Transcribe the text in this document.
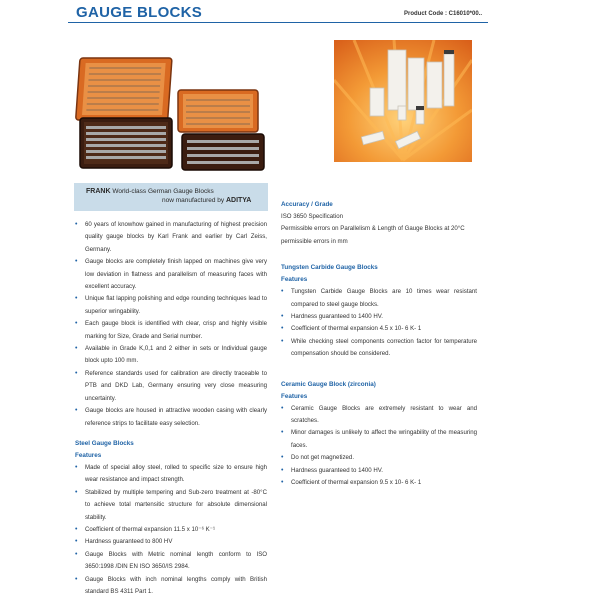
GAUGE BLOCKS	Product Code : C16010*00..
FRANK World-class German Gauge Blocks
now manufactured by ADITYA
• 60 years of knowhow gained in manufacturing of highest precision quality gauge blocks by Karl Frank and earlier by Carl Zeiss, Germany.
• Gauge blocks are completely finish lapped on machines give very low deviation in flatness and parallelism of measuring faces with excellent accuracy.
• Unique flat lapping polishing and edge rounding techniques lead to superior wringability.
• Each gauge block is identified with clear, crisp and highly visible marking for Size, Grade and Serial number.
• Available in Grade K,0,1 and 2 either in sets or Individual gauge block upto 100 mm.
• Reference standards used for calibration are directly traceable to PTB and DKD Lab, Germany ensuring very close measuring uncertainty.
• Gauge blocks are housed in attractive wooden casing with clearly reference strips to facilitate easy selection.
Steel Gauge Blocks
Features
• Made of special alloy steel, rolled to specific size to ensure high wear resistance and impact strength.
• Stabilized by multiple tempering and Sub-zero treatment at -80°C to achieve total martensitic structure for absolute dimensional stability.
• Coefficient of thermal expansion 11.5 x 10⁻⁶ K⁻¹
• Hardness guaranteed to 800 HV
• Gauge Blocks with Metric nominal length conform to ISO 3650:1998 /DIN EN ISO 3650/IS 2984.
• Gauge Blocks with inch nominal lengths comply with British standard BS 4311 Part 1.
Accuracy / Grade
ISO 3650 Specification
Permissible errors on Parallelism & Length of Gauge Blocks at 20°C permissible errors in mm
Tungsten Carbide Gauge Blocks
Features
• Tungsten Carbide Gauge Blocks are 10 times wear resistant compared to steel gauge blocks.
• Hardness guaranteed to 1400 HV.
• Coefficient of thermal expansion 4.5 x 10- 6 K- 1
• While checking steel components correction factor for temperature compensation should be considered.
Ceramic Gauge Block (zirconia)
Features
• Ceramic Gauge Blocks are extremely resistant to wear and scratches.
• Minor damages is unlikely to affect the wringability of the measuring faces.
• Do not get magnetized.
• Hardness guaranteed to 1400 HV.
• Coefficient of thermal expansion 9.5 x 10- 6 K- 1
